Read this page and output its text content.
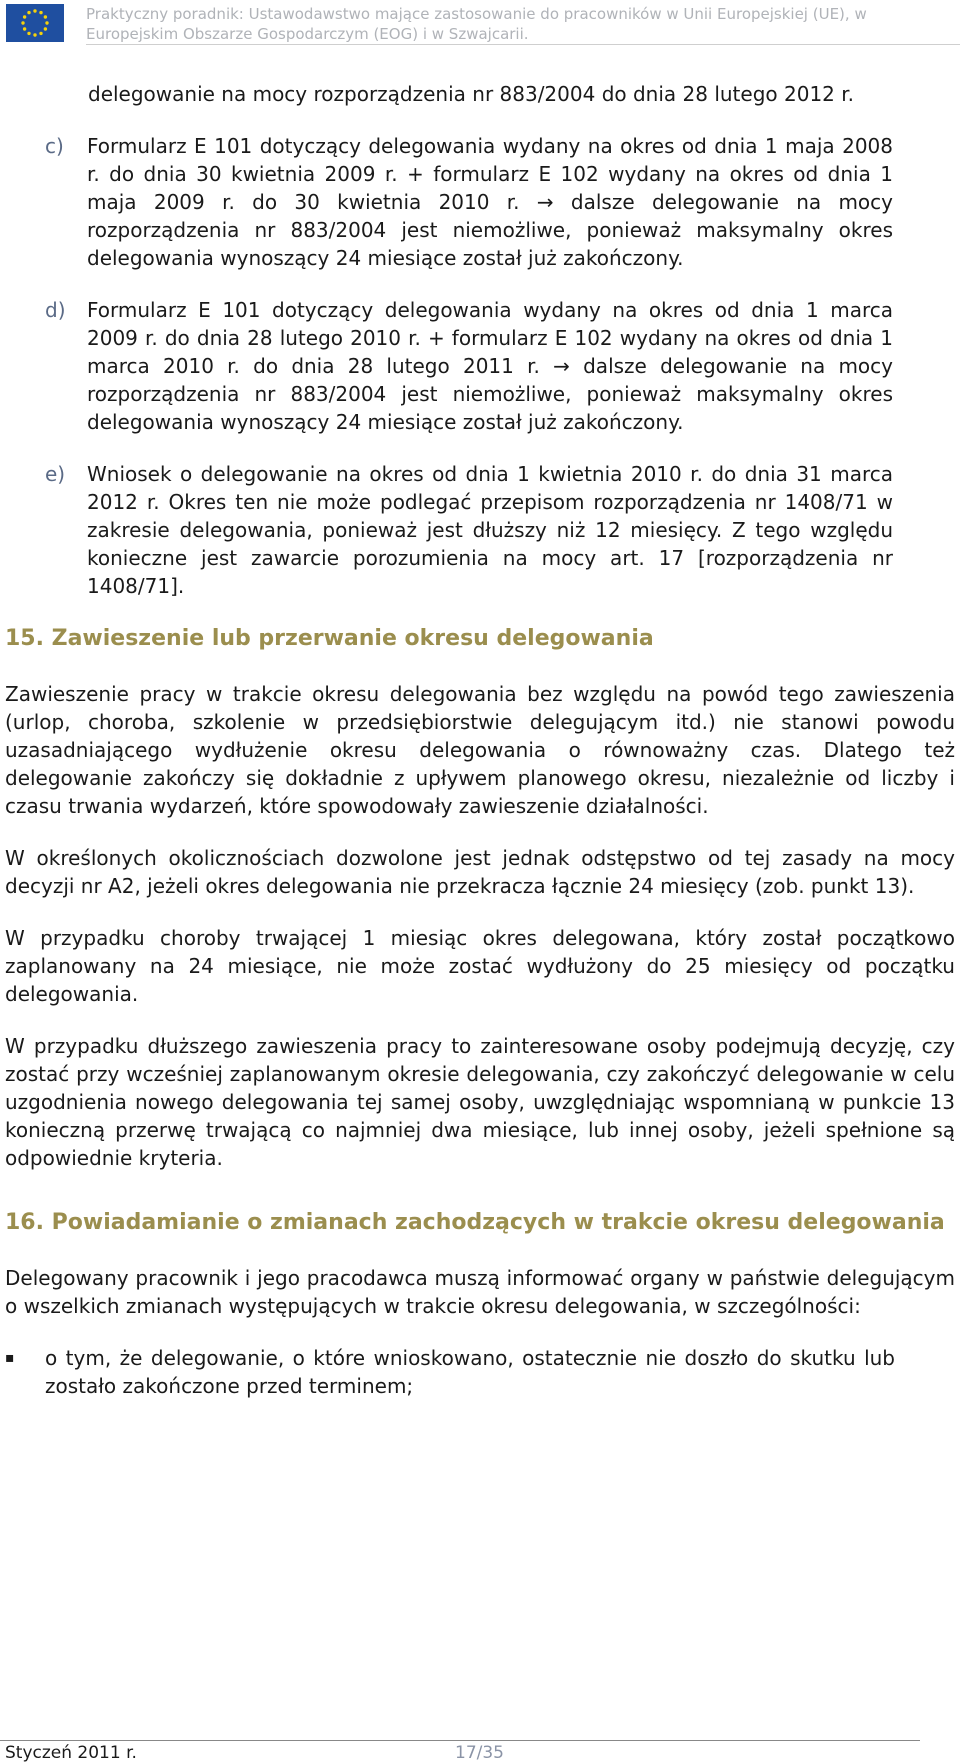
Praktyczny poradnik: Ustawodawstwo mające zastosowanie do pracowników w Unii Europejskiej (UE), w Europejskim Obszarze Gospodarczym (EOG) i w Szwajcarii.
delegowanie na mocy rozporządzenia nr 883/2004 do dnia 28 lutego 2012 r.
c)	Formularz E 101 dotyczący delegowania wydany na okres od dnia 1 maja 2008 r. do dnia 30 kwietnia 2009 r. + formularz E 102 wydany na okres od dnia 1 maja 2009 r. do 30 kwietnia 2010 r. → dalsze delegowanie na mocy rozporządzenia nr 883/2004 jest niemożliwe, ponieważ maksymalny okres delegowania wynoszący 24 miesiące został już zakończony.
d)	Formularz E 101 dotyczący delegowania wydany na okres od dnia 1 marca 2009 r. do dnia 28 lutego 2010 r. + formularz E 102 wydany na okres od dnia 1 marca 2010 r. do dnia 28 lutego 2011 r. → dalsze delegowanie na mocy rozporządzenia nr 883/2004 jest niemożliwe, ponieważ maksymalny okres delegowania wynoszący 24 miesiące został już zakończony.
e)	Wniosek o delegowanie na okres od dnia 1 kwietnia 2010 r. do dnia 31 marca 2012 r. Okres ten nie może podlegać przepisom rozporządzenia nr 1408/71 w zakresie delegowania, ponieważ jest dłuższy niż 12 miesięcy. Z tego względu konieczne jest zawarcie porozumienia na mocy art. 17 [rozporządzenia nr 1408/71].
15. Zawieszenie lub przerwanie okresu delegowania
Zawieszenie pracy w trakcie okresu delegowania bez względu na powód tego zawieszenia (urlop, choroba, szkolenie w przedsiębiorstwie delegującym itd.) nie stanowi powodu uzasadniającego wydłużenie okresu delegowania o równoważny czas. Dlatego też delegowanie zakończy się dokładnie z upływem planowego okresu, niezależnie od liczby i czasu trwania wydarzeń, które spowodowały zawieszenie działalności.
W określonych okolicznościach dozwolone jest jednak odstępstwo od tej zasady na mocy decyzji nr A2, jeżeli okres delegowania nie przekracza łącznie 24 miesięcy (zob. punkt 13).
W przypadku choroby trwającej 1 miesiąc okres delegowana, który został początkowo zaplanowany na 24 miesiące, nie może zostać wydłużony do 25 miesięcy od początku delegowania.
W przypadku dłuższego zawieszenia pracy to zainteresowane osoby podejmują decyzję, czy zostać przy wcześniej zaplanowanym okresie delegowania, czy zakończyć delegowanie w celu uzgodnienia nowego delegowania tej samej osoby, uwzględniając wspomnianą w punkcie 13 konieczną przerwę trwającą co najmniej dwa miesiące, lub innej osoby, jeżeli spełnione są odpowiednie kryteria.
16. Powiadamianie o zmianach zachodzących w trakcie okresu delegowania
Delegowany pracownik i jego pracodawca muszą informować organy w państwie delegującym o wszelkich zmianach występujących w trakcie okresu delegowania, w szczególności:
▪	o tym, że delegowanie, o które wnioskowano, ostatecznie nie doszło do skutku lub zostało zakończone przed terminem;
Styczeń 2011 r.	17/35
